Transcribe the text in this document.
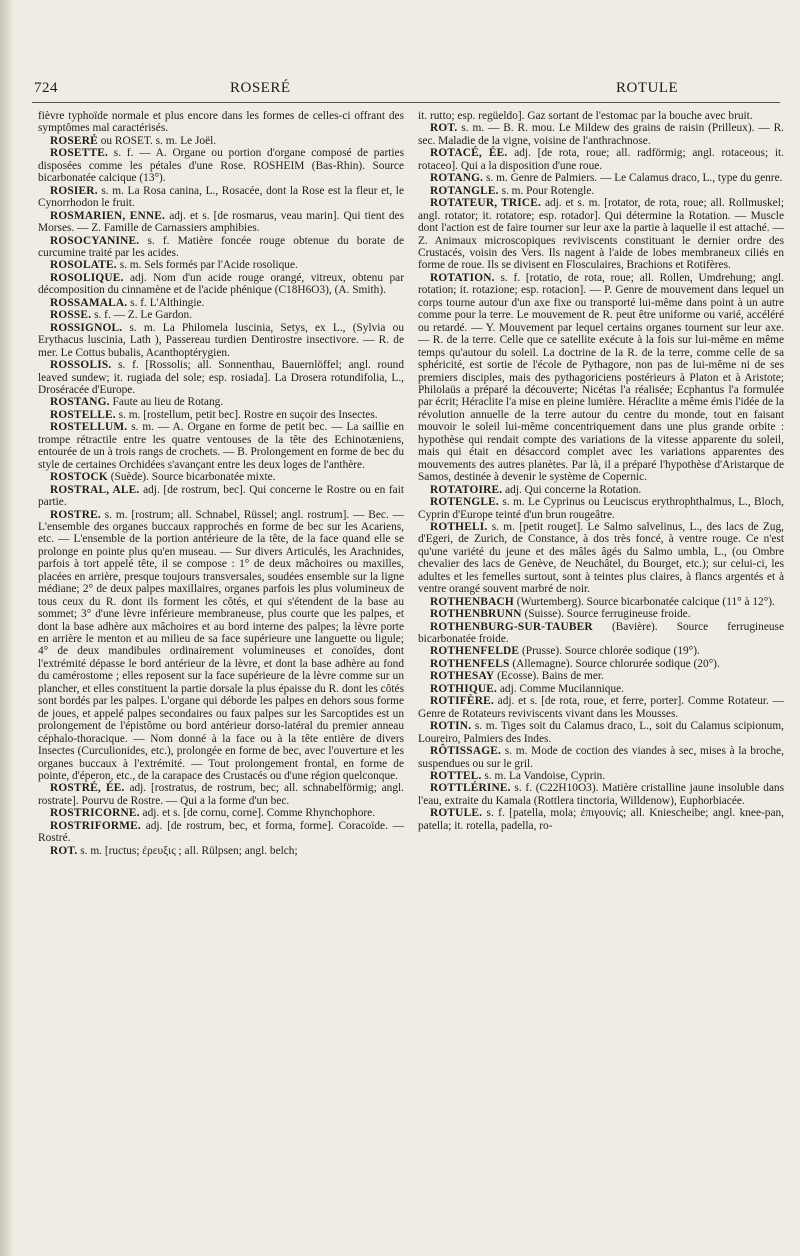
724	ROSERÉ	ROTULE

fièvre typhoïde normale et plus encore dans les formes de celles-ci offrant des symptômes mal caractérisés.

ROSERÉ ou ROSET. s. m. Le Joël.

ROSETTE. s. f. — A. Organe ou portion d'organe composé de parties disposées comme les pétales d'une Rose. ROSHEIM (Bas-Rhin). Source bicarbonatée calcique (13°).

ROSIER. s. m. La Rosa canina, L., Rosacée, dont la Rose est la fleur et, le Cynorrhodon le fruit.

ROSMARIEN, ENNE. adj. et s. [de rosmarus, veau marin]. Qui tient des Morses. — Z. Famille de Carnassiers amphibies.

ROSOCYANINE. s. f. Matière foncée rouge obtenue du borate de curcumine traité par les acides.

ROSOLATE. s. m. Sels formés par l'Acide rosolique.

ROSOLIQUE. adj. Nom d'un acide rouge orangé, vitreux, obtenu par décomposition du cinnamène et de l'acide phénique (C18H6O3), (A. Smith).

ROSSAMALA. s. f. L'Althingie.

ROSSE. s. f. — Z. Le Gardon.

ROSSIGNOL. s. m. La Philomela luscinia, Setys, ex L., (Sylvia ou Erythacus luscinia, Lath ), Passereau turdien Dentirostre insectivore. — R. de mer. Le Cottus bubalis, Acanthoptérygien.

ROSSOLIS. s. f. [Rossolis; all. Sonnenthau, Bauernlöffel; angl. round leaved sundew; it. rugiada del sole; esp. rosiada]. La Drosera rotundifolia, L., Droséracée d'Europe.

ROSTANG. Faute au lieu de Rotang.

ROSTELLE. s. m. [rostellum, petit bec]. Rostre en suçoir des Insectes.

ROSTELLUM. s. m. — A. Organe en forme de petit bec. — La saillie en trompe rétractile entre les quatre ventouses de la tête des Echinotæniens, entourée de un à trois rangs de crochets. — B. Prolongement en forme de bec du style de certaines Orchidées s'avançant entre les deux loges de l'anthère.

ROSTOCK (Suède). Source bicarbonatée mixte.

ROSTRAL, ALE. adj. [de rostrum, bec]. Qui concerne le Rostre ou en fait partie.

ROSTRE. s. m. [rostrum; all. Schnabel, Rüssel; angl. rostrum]. — Bec. — L'ensemble des organes buccaux rapprochés en forme de bec sur les Acariens, etc. — L'ensemble de la portion antérieure de la tête, de la face quand elle se prolonge en pointe plus qu'en museau. — Sur divers Articulés, les Arachnides, parfois à tort appelé tête, il se compose : 1° de deux mâchoires ou maxilles, placées en arrière, presque toujours transversales, soudées ensemble sur la ligne médiane; 2° de deux palpes maxillaires, organes parfois les plus volumineux de tous ceux du R. dont ils forment les côtés, et qui s'étendent de la base au sommet; 3° d'une lèvre inférieure membraneuse, plus courte que les palpes, et dont la base adhère aux mâchoires et au bord interne des palpes; la lèvre porte en arrière le menton et au milieu de sa face supérieure une languette ou ligule; 4° de deux mandibules ordinairement volumineuses et conoïdes, dont l'extrémité dépasse le bord antérieur de la lèvre, et dont la base adhère au fond du camérostome ; elles reposent sur la face supérieure de la lèvre comme sur un plancher, et elles constituent la partie dorsale la plus épaisse du R. dont les côtés sont bordés par les palpes. L'organe qui déborde les palpes en dehors sous forme de joues, et appelé palpes secondaires ou faux palpes sur les Sarcoptides est un prolongement de l'épistôme ou bord antérieur dorso-latéral du premier anneau céphalo-thoracique. — Nom donné à la face ou à la tête entière de divers Insectes (Curculionides, etc.), prolongée en forme de bec, avec l'ouverture et les organes buccaux à l'extrémité. — Tout prolongement frontal, en forme de pointe, d'éperon, etc., de la carapace des Crustacés ou d'une région quelconque.

ROSTRÉ, ÉE. adj. [rostratus, de rostrum, bec; all. schnabelförmig; angl. rostrate]. Pourvu de Rostre. — Qui a la forme d'un bec.

ROSTRICORNE. adj. et s. [de cornu, corne]. Comme Rhynchophore.

ROSTRIFORME. adj. [de rostrum, bec, et forma, forme]. Coracoïde. — Rostré.

ROT. s. m. [ructus; ἐρευξις ; all. Rülpsen; angl. belch;

it. rutto; esp. regüeldo]. Gaz sortant de l'estomac par la bouche avec bruit.

ROT. s. m. — B. R. mou. Le Mildew des grains de raisin (Prilleux). — R. sec. Maladie de la vigne, voisine de l'anthrachnose.

ROTACÉ, ÉE. adj. [de rota, roue; all. radförmig; angl. rotaceous; it. rotaceo]. Qui a la disposition d'une roue.

ROTANG. s. m. Genre de Palmiers. — Le Calamus draco, L., type du genre.

ROTANGLE. s. m. Pour Rotengle.

ROTATEUR, TRICE. adj. et s. m. [rotator, de rota, roue; all. Rollmuskel; angl. rotator; it. rotatore; esp. rotador]. Qui détermine la Rotation. — Muscle dont l'action est de faire tourner sur leur axe la partie à laquelle il est attaché. — Z. Animaux microscopiques reviviscents constituant le dernier ordre des Crustacés, voisin des Vers. Ils nagent à l'aide de lobes membraneux ciliés en forme de roue. Ils se divisent en Flosculaires, Brachions et Rotifères.

ROTATION. s. f. [rotatio, de rota, roue; all. Rollen, Umdrehung; angl. rotation; it. rotazione; esp. rotacion]. — P. Genre de mouvement dans lequel un corps tourne autour d'un axe fixe ou transporté lui-même dans point à un autre comme pour la terre. Le mouvement de R. peut être uniforme ou varié, accéléré ou retardé. — Y. Mouvement par lequel certains organes tournent sur leur axe. — R. de la terre. Celle que ce satellite exécute à la fois sur lui-même en même temps qu'autour du soleil. La doctrine de la R. de la terre, comme celle de sa sphéricité, est sortie de l'école de Pythagore, non pas de lui-même ni de ses premiers disciples, mais des pythagoriciens postérieurs à Platon et à Aristote; Philolaüs a préparé la découverte; Nicétas l'a réalisée; Ecphantus l'a formulée par écrit; Héraclite l'a mise en pleine lumière. Héraclite a même émis l'idée de la révolution annuelle de la terre autour du centre du monde, tout en faisant mouvoir le soleil lui-même concentriquement dans une plus grande orbite : hypothèse qui rendait compte des variations de la vitesse apparente du soleil, mais qui était en désaccord complet avec les variations apparentes des mouvements des autres planètes. Par là, il a préparé l'hypothèse d'Aristarque de Samos, destinée à devenir le système de Copernic.

ROTATOIRE. adj. Qui concerne la Rotation.

ROTENGLE. s. m. Le Cyprinus ou Leuciscus erythrophthalmus, L., Bloch, Cyprin d'Europe teinté d'un brun rougeâtre.

ROTHELI. s. m. [petit rouget]. Le Salmo salvelinus, L., des lacs de Zug, d'Egeri, de Zurich, de Constance, à dos très foncé, à ventre rouge. Ce n'est qu'une variété du jeune et des mâles âgés du Salmo umbla, L., (ou Ombre chevalier des lacs de Genève, de Neuchâtel, du Bourget, etc.); sur celui-ci, les adultes et les femelles surtout, sont à teintes plus claires, à flancs argentés et à ventre orangé souvent marbré de noir.

ROTHENBACH (Wurtemberg). Source bicarbonatée calcique (11° à 12°).

ROTHENBRUNN (Suisse). Source ferrugineuse froide.

ROTHENBURG-SUR-TAUBER (Bavière). Source ferrugineuse bicarbonatée froide.

ROTHENFELDE (Prusse). Source chlorée sodique (19°).

ROTHENFELS (Allemagne). Source chlorurée sodique (20°).

ROTHESAY (Ecosse). Bains de mer.

ROTHIQUE. adj. Comme Mucilannique.

ROTIFÈRE. adj. et s. [de rota, roue, et ferre, porter]. Comme Rotateur. — Genre de Rotateurs reviviscents vivant dans les Mousses.

ROTIN. s. m. Tiges soit du Calamus draco, L., soit du Calamus scipionum, Loureiro, Palmiers des Indes.

RÔTISSAGE. s. m. Mode de coction des viandes à sec, mises à la broche, suspendues ou sur le gril.

ROTTEL. s. m. La Vandoise, Cyprin.

ROTTLÉRINE. s. f. (C22H10O3). Matière cristalline jaune insoluble dans l'eau, extraite du Kamala (Rottlera tinctoria, Willdenow), Euphorbiacée.

ROTULE. s. f. [patella, mola; ἐπιγουνίς; all. Kniescheibe; angl. knee-pan, patella; it. rotella, padella, ro-
